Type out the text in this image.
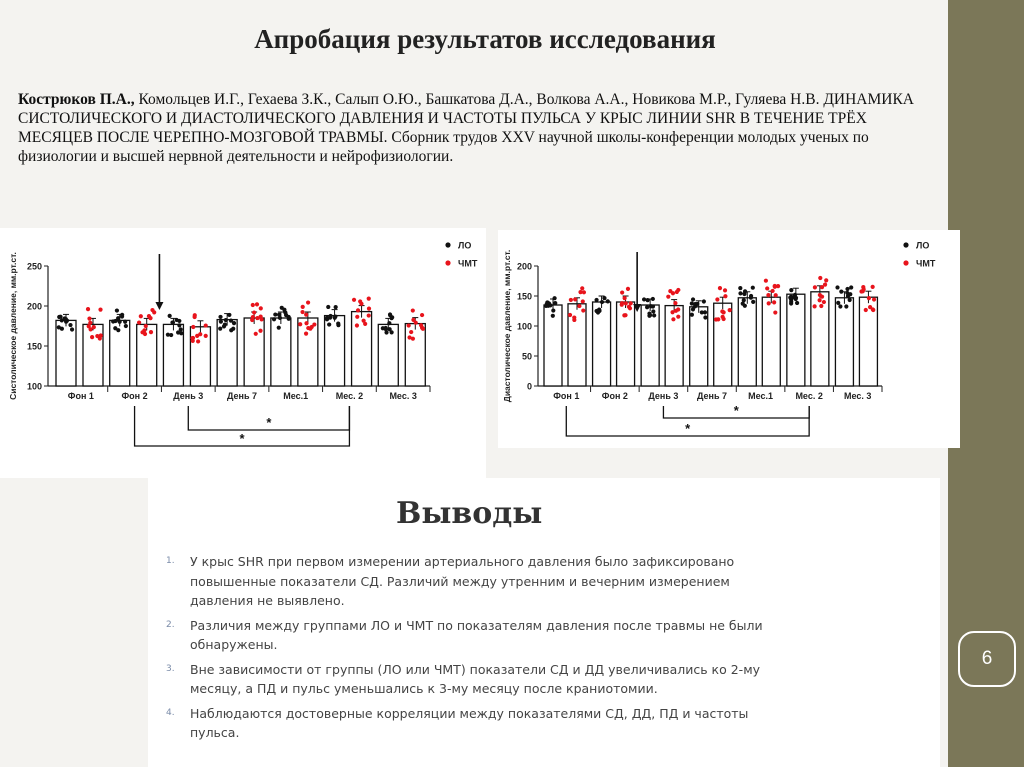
6
Апробация результатов исследования
Кострюков П.А., Комольцев И.Г., Гехаева З.К., Салып О.Ю., Башкатова Д.А., Волкова А.А., Новикова М.Р., Гуляева Н.В. ДИНАМИКА СИСТОЛИЧЕСКОГО И ДИАСТОЛИЧЕСКОГО ДАВЛЕНИЯ И ЧАСТОТЫ ПУЛЬСА У КРЫС ЛИНИИ SHR В ТЕЧЕНИЕ ТРЁХ МЕСЯЦЕВ ПОСЛЕ ЧЕРЕПНО-МОЗГОВОЙ ТРАВМЫ. Сборник трудов XXV научной школы-конференции молодых ученых по физиологии и высшей нервной деятельности и нейрофизиологии.
100
150
200
250
Систолическое давление, мм.рт.ст.	Фон 1	Фон 2	День 3	День 7	Мес.1	Мес. 2	Мес. 3
ЛО
ЧМТ
*
*
0
50
100
150
200
Диастолическое давление, мм.рт.ст.	Фон 1 Фон 2 День 3 День 7 Мес.1 Мес. 2 Мес. 3
ЛО
ЧМТ
*
*
Выводы
1. У крыс SHR при первом измерении артериального давления было зафиксировано повышенные показатели СД. Различий между утренним и вечерним измерением давления не выявлено.
2. Различия между группами ЛО и ЧМТ по показателям давления после травмы не были обнаружены.
3. Вне зависимости от группы (ЛО или ЧМТ) показатели СД и ДД увеличивались ко 2-му месяцу, а ПД и пульс уменьшались к 3-му месяцу после краниотомии.
4. Наблюдаются достоверные корреляции между показателями СД, ДД, ПД и частоты пульса.
